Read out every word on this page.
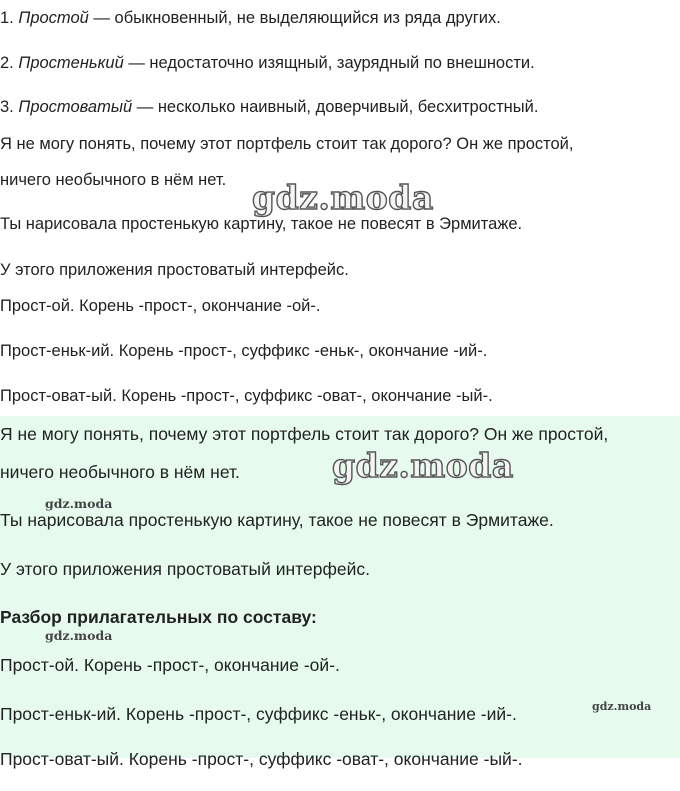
1. Простой — обыкновенный, не выделяющийся из ряда других.
2. Простенький — недостаточно изящный, заурядный по внешности.
3. Простоватый — несколько наивный, доверчивый, бесхитростный.
Я не могу понять, почему этот портфель стоит так дорого? Он же простой,
ничего необычного в нём нет.
Ты нарисовала простенькую картину, такое не повесят в Эрмитаже.
У этого приложения простоватый интерфейс.
Прост-ой. Корень -прост-, окончание -ой-.
Прост-еньк-ий. Корень -прост-, суффикс -еньк-, окончание -ий-.
Прост-оват-ый. Корень -прост-, суффикс -оват-, окончание -ый-.
gdz.moda
Я не могу понять, почему этот портфель стоит так дорого? Он же простой,
ничего необычного в нём нет.
Ты нарисовала простенькую картину, такое не повесят в Эрмитаже.
У этого приложения простоватый интерфейс.
Разбор прилагательных по составу:
Прост-ой. Корень -прост-, окончание -ой-.
Прост-еньк-ий. Корень -прост-, суффикс -еньк-, окончание -ий-.
Прост-оват-ый. Корень -прост-, суффикс -оват-, окончание -ый-.
gdz.moda
gdz.moda
gdz.moda
gdz.moda
